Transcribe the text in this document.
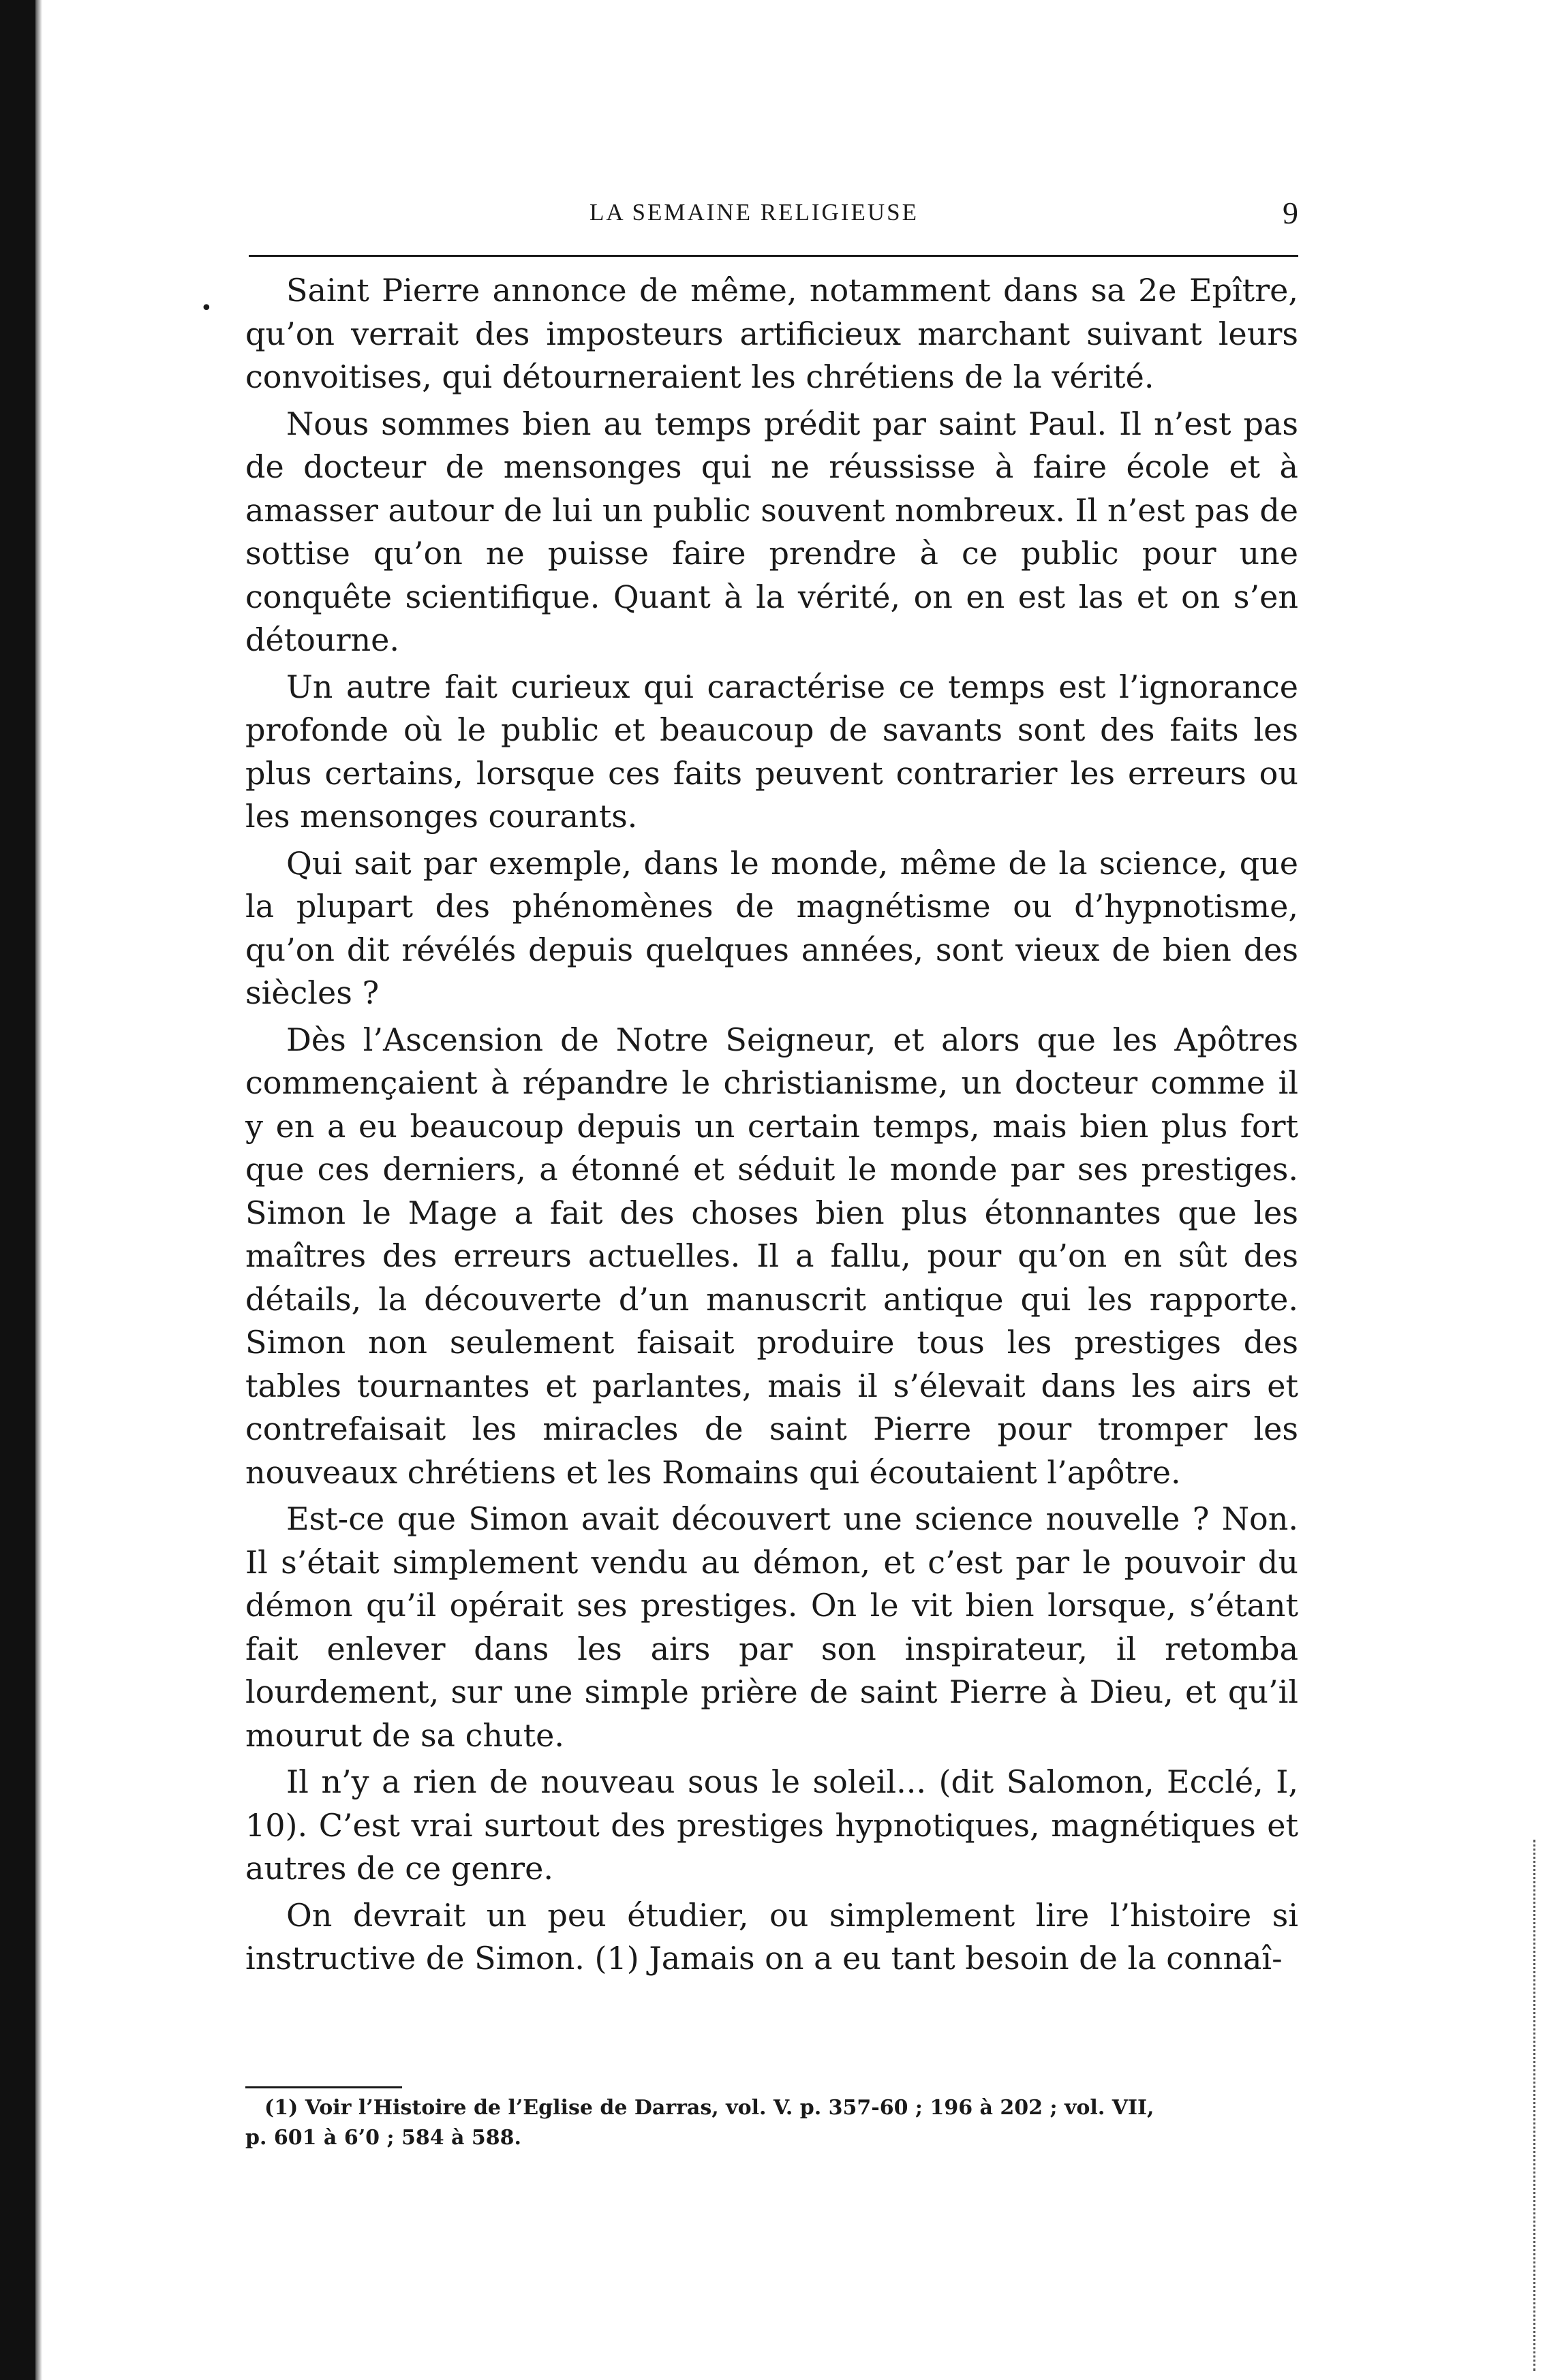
LA SEMAINE RELIGIEUSE	9
•	Saint Pierre annonce de même, notamment dans sa 2e Epître, qu’on verrait des imposteurs artificieux marchant suivant leurs convoitises, qui détourneraient les chrétiens de la vérité.

Nous sommes bien au temps prédit par saint Paul. Il n’est pas de docteur de mensonges qui ne réussisse à faire école et à amasser autour de lui un public souvent nombreux. Il n’est pas de sottise qu’on ne puisse faire prendre à ce public pour une conquête scientifique. Quant à la vérité, on en est las et on s’en détourne.

Un autre fait curieux qui caractérise ce temps est l’ignorance profonde où le public et beaucoup de savants sont des faits les plus certains, lorsque ces faits peuvent contrarier les erreurs ou les mensonges courants.

Qui sait par exemple, dans le monde, même de la science, que la plupart des phénomènes de magnétisme ou d’hypnotisme, qu’on dit révélés depuis quelques années, sont vieux de bien des siècles ?

Dès l’Ascension de Notre Seigneur, et alors que les Apôtres commençaient à répandre le christianisme, un docteur comme il y en a eu beaucoup depuis un certain temps, mais bien plus fort que ces derniers, a étonné et séduit le monde par ses prestiges. Simon le Mage a fait des choses bien plus étonnantes que les maîtres des erreurs actuelles. Il a fallu, pour qu’on en sût des détails, la découverte d’un manuscrit antique qui les rapporte. Simon non seulement faisait produire tous les prestiges des tables tournantes et parlantes, mais il s’élevait dans les airs et contrefaisait les miracles de saint Pierre pour tromper les nouveaux chrétiens et les Romains qui écoutaient l’apôtre.

Est-ce que Simon avait découvert une science nouvelle ? Non. Il s’était simplement vendu au démon, et c’est par le pouvoir du démon qu’il opérait ses prestiges. On le vit bien lorsque, s’étant fait enlever dans les airs par son inspirateur, il retomba lourdement, sur une simple prière de saint Pierre à Dieu, et qu’il mourut de sa chute.

Il n’y a rien de nouveau sous le soleil... (dit Salomon, Ecclé, I, 10). C’est vrai surtout des prestiges hypnotiques, magnétiques et autres de ce genre.

On devrait un peu étudier, ou simplement lire l’histoire si instructive de Simon. (1) Jamais on a eu tant besoin de la connaî-

(1) Voir l’Histoire de l’Eglise de Darras, vol. V. p. 357-60 ; 196 à 202 ; vol. VII,
p. 601 à 6’0 ; 584 à 588.
